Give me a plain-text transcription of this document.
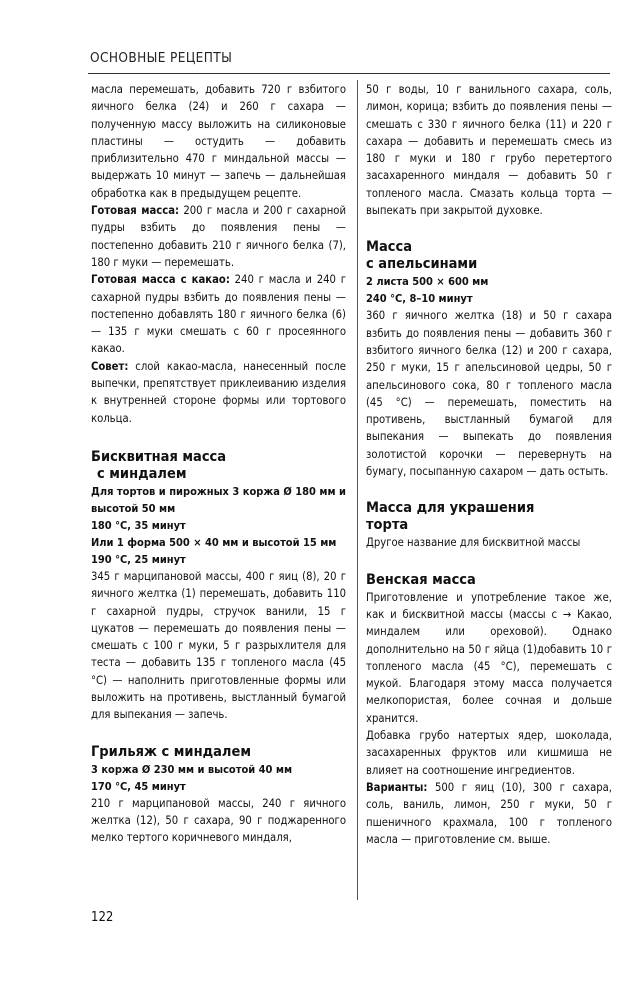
ОСНОВНЫЕ РЕЦЕПТЫ

масла перемешать, добавить 720 г взбитого яичного белка (24) и 260 г сахара — полученную массу выложить на силиконовые пластины — остудить — добавить приблизительно 470 г миндальной массы — выдержать 10 минут — запечь — дальнейшая обработка как в предыдущем рецепте.

Готовая масса: 200 г масла и 200 г сахарной пудры взбить до появления пены — постепенно добавить 210 г яичного белка (7), 180 г муки — перемешать.

Готовая масса с какао: 240 г масла и 240 г сахарной пудры взбить до появления пены — постепенно добавлять 180 г яичного белка (6) — 135 г муки смешать с 60 г просеянного какао.

Совет: слой какао-масла, нанесенный после выпечки, препятствует приклеиванию изделия к внутренней стороне формы или тортового кольца.

Бисквитная масса
с миндалем

Для тортов и пирожных 3 коржа Ø 180 мм и высотой 50 мм

180 °С, 35 минут

Или 1 форма 500 × 40 мм и высотой 15 мм

190 °С, 25 минут

345 г марципановой массы, 400 г яиц (8), 20 г яичного желтка (1) перемешать, добавить 110 г сахарной пудры, стручок ванили, 15 г цукатов — перемешать до появления пены — смешать с 100 г муки, 5 г разрыхлителя для теста — добавить 135 г топленого масла (45 °С) — наполнить приготовленные формы или выложить на противень, выстланный бумагой для выпекания — запечь.

Грильяж с миндалем

3 коржа Ø 230 мм и высотой 40 мм

170 °С, 45 минут

210 г марципановой массы, 240 г яичного желтка (12), 50 г сахара, 90 г поджаренного мелко тертого коричневого миндаля,

50 г воды, 10 г ванильного сахара, соль, лимон, корица; взбить до появления пены — смешать с 330 г яичного белка (11) и 220 г сахара — добавить и перемешать смесь из 180 г муки и 180 г грубо перетертого засахаренного миндаля — добавить 50 г топленого масла. Смазать кольца торта — выпекать при закрытой духовке.

Масса
с апельсинами

2 листа 500 × 600 мм

240 °С, 8–10 минут

360 г яичного желтка (18) и 50 г сахара взбить до появления пены — добавить 360 г взбитого яичного белка (12) и 200 г сахара, 250 г муки, 15 г апельсиновой цедры, 50 г апельсинового сока, 80 г топленого масла (45 °С) — перемешать, поместить на противень, выстланный бумагой для выпекания — выпекать до появления золотистой корочки — перевернуть на бумагу, посыпанную сахаром — дать остыть.

Масса для украшения
торта

Другое название для бисквитной массы

Венская масса

Приготовление и употребление такое же, как и бисквитной массы (массы с → Какао, миндалем или ореховой). Однако дополнительно на 50 г яйца (1)добавить 10 г топленого масла (45 °С), перемешать с мукой. Благодаря этому масса получается мелкопористая, более сочная и дольше хранится.

Добавка грубо натертых ядер, шоколада, засахаренных фруктов или кишмиша не влияет на соотношение ингредиентов.

Варианты: 500 г яиц (10), 300 г сахара, соль, ваниль, лимон, 250 г муки, 50 г пшеничного крахмала, 100 г топленого масла — приготовление см. выше.

122
